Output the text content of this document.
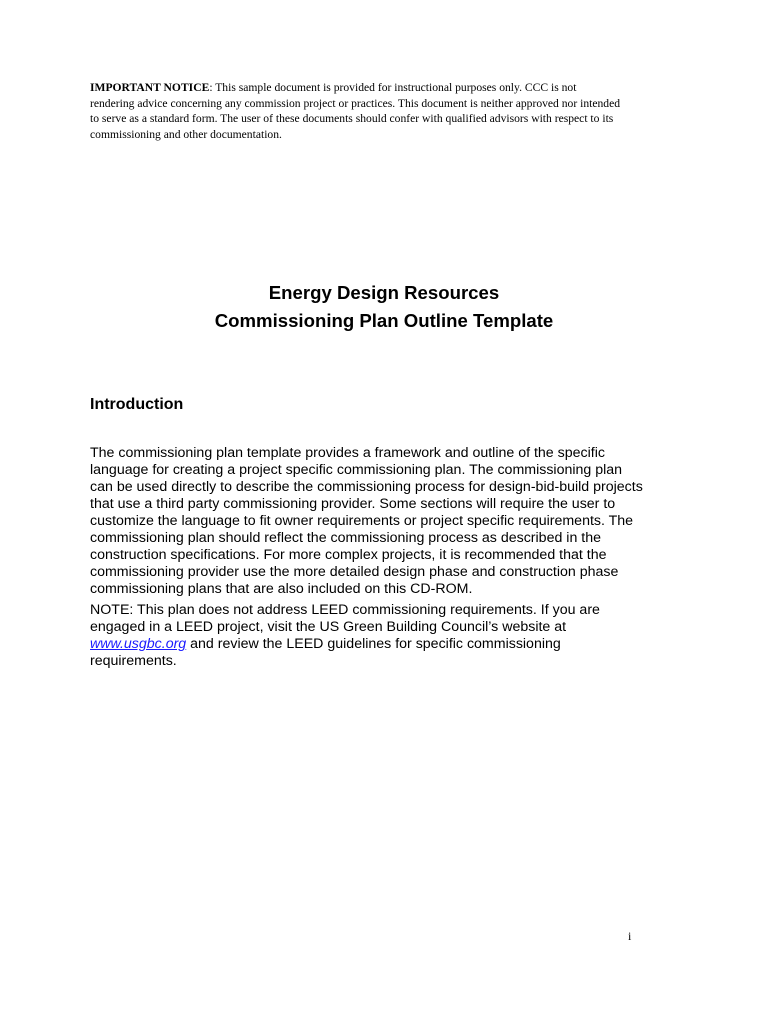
IMPORTANT NOTICE: This sample document is provided for instructional purposes only. CCC is not
rendering advice concerning any commission project or practices. This document is neither approved nor intended
to serve as a standard form. The user of these documents should confer with qualified advisors with respect to its
commissioning and other documentation.
Energy Design Resources
Commissioning Plan Outline Template
Introduction
The commissioning plan template provides a framework and outline of the specific
language for creating a project specific commissioning plan. The commissioning plan
can be used directly to describe the commissioning process for design-bid-build projects
that use a third party commissioning provider. Some sections will require the user to
customize the language to fit owner requirements or project specific requirements. The
commissioning plan should reflect the commissioning process as described in the
construction specifications. For more complex projects, it is recommended that the
commissioning provider use the more detailed design phase and construction phase
commissioning plans that are also included on this CD-ROM.
NOTE: This plan does not address LEED commissioning requirements. If you are
engaged in a LEED project, visit the US Green Building Council’s website at
www.usgbc.org and review the LEED guidelines for specific commissioning
requirements.
i
